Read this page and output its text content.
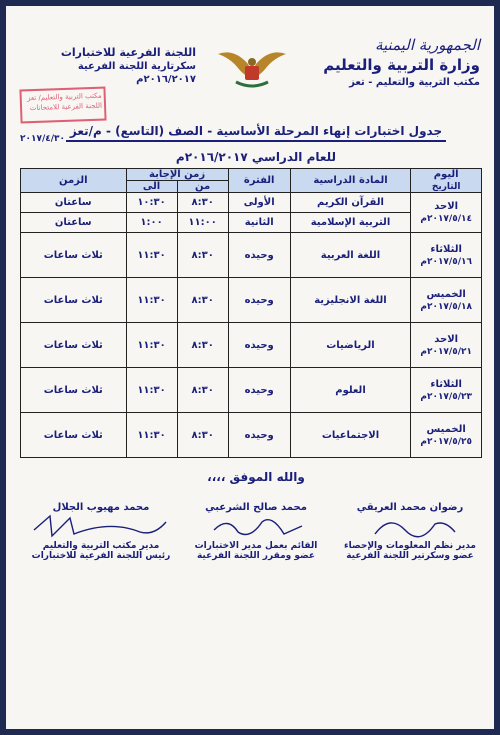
الجمهورية اليمنية
وزارة التربية والتعليم
مكتب التربية والتعليم - تعز
اللجنة الفرعية للاختبارات
سكرتارية اللجنة الفرعية
٢٠١٦/٢٠١٧م
مكتب التربية والتعليم/ تعز اللجنة الفرعية للامتحانات
٢٠١٧/٤/٣٠
جدول اختبارات إنهاء المرحلة الأساسية - الصف (التاسع) - م/تعز
للعام الدراسي ٢٠١٦/٢٠١٧م
اليوم
التاريخ	المادة الدراسية	الفترة	زمن الإجابة		الزمن
			من	الى	

الاحد
٢٠١٧/٥/١٤م	القرآن الكريم	الأولى	٨:٣٠	١٠:٣٠	ساعتان
	التربية الإسلامية	الثانية	١١:٠٠	١:٠٠	ساعتان

الثلاثاء
٢٠١٧/٥/١٦م	اللغة العربية	وحيده	٨:٣٠	١١:٣٠	ثلاث ساعات

الخميس
٢٠١٧/٥/١٨م	اللغة الانجليزية	وحيده	٨:٣٠	١١:٣٠	ثلاث ساعات

الاحد
٢٠١٧/٥/٢١م	الرياضيات	وحيده	٨:٣٠	١١:٣٠	ثلاث ساعات

الثلاثاء
٢٠١٧/٥/٢٣م	العلوم	وحيده	٨:٣٠	١١:٣٠	ثلاث ساعات

الخميس
٢٠١٧/٥/٢٥م	الاجتماعيات	وحيده	٨:٣٠	١١:٣٠	ثلاث ساعات
والله الموفق ،،،،
رضوان محمد العريقي
مدير نظم المعلومات والإحصاء
عضو وسكرتير اللجنة الفرعية
محمد صالح الشرعبي
القائم بعمل مدير الاختبارات
عضو ومقرر اللجنة الفرعية
محمد مهيوب الجلال
مدير مكتب التربية والتعليم
رئيس اللجنة الفرعية للاختبارات
